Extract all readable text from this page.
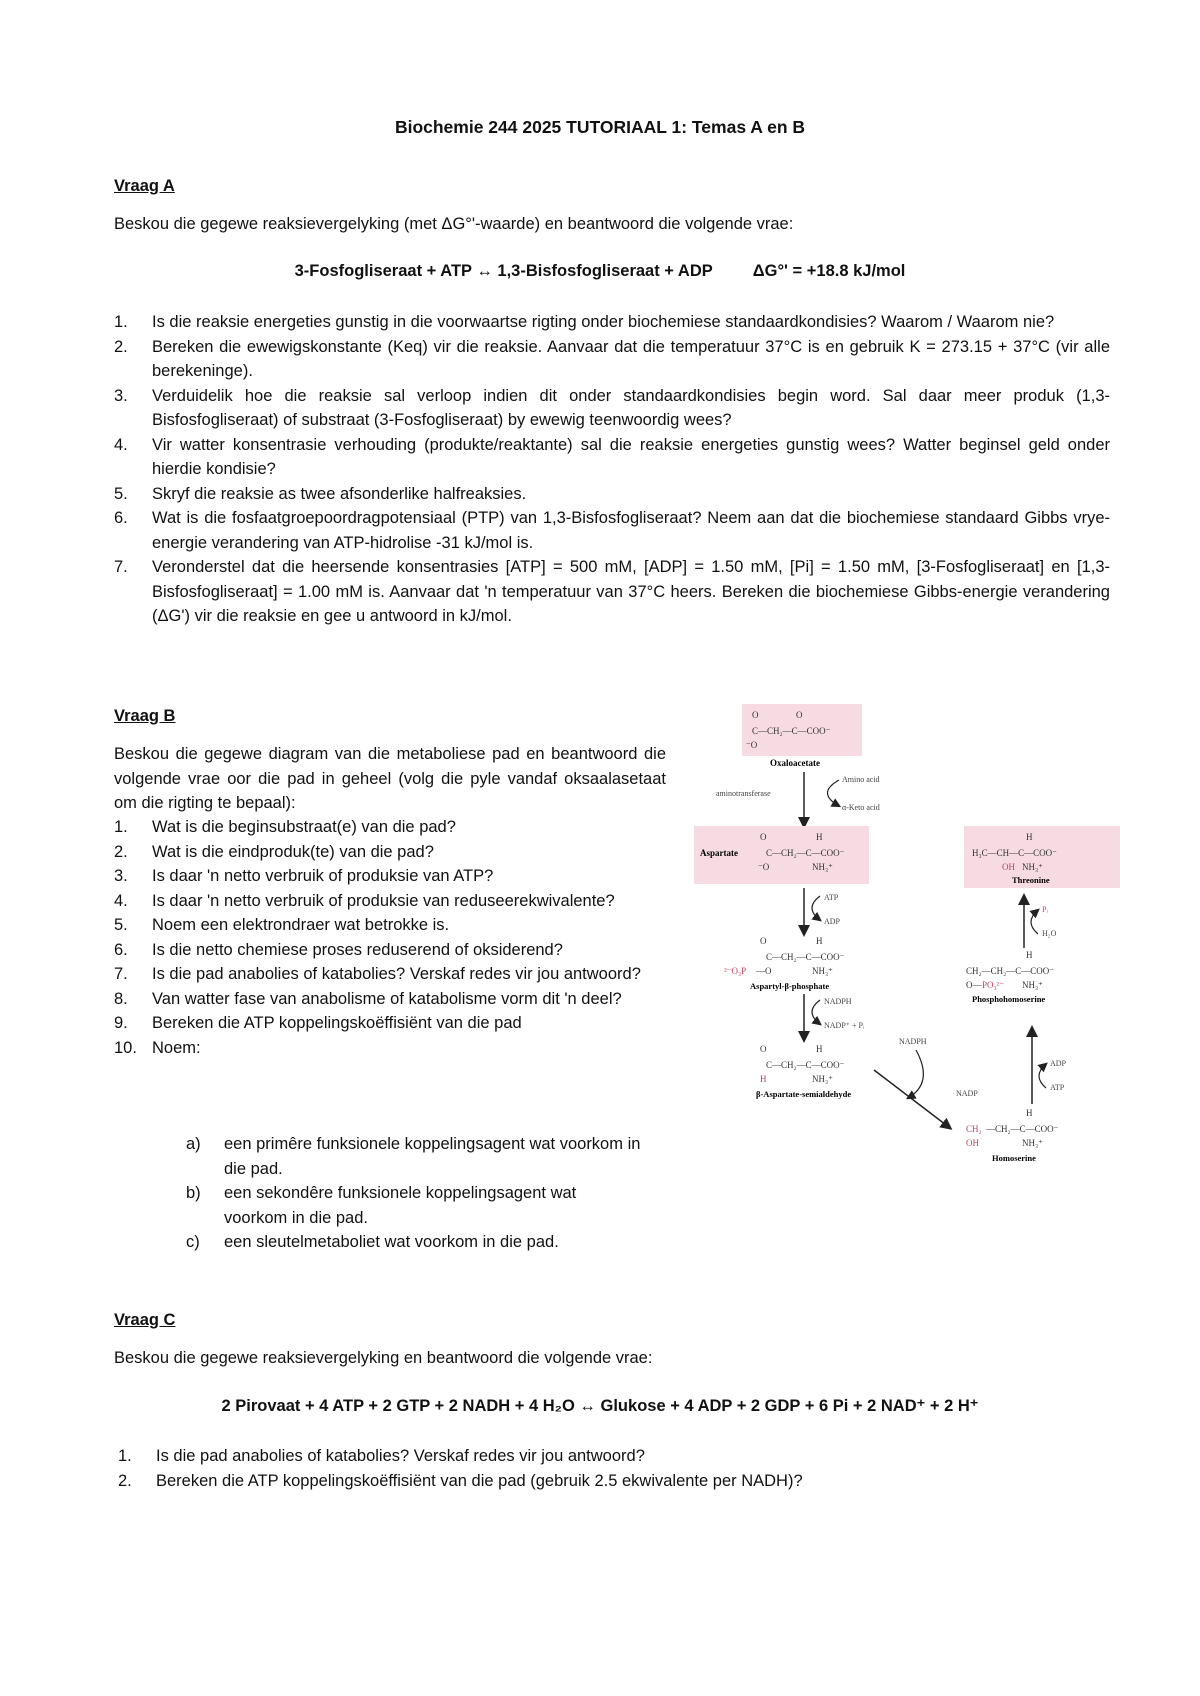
Biochemie 244 2025 TUTORIAAL 1: Temas A en B
Vraag A
Beskou die gegewe reaksievergelyking (met ΔG°'-waarde) en beantwoord die volgende vrae:
3-Fosfogliseraat + ATP ↔ 1,3-Bisfosfogliseraat + ADP ΔG°' = +18.8 kJ/mol
1. Is die reaksie energeties gunstig in die voorwaartse rigting onder biochemiese standaardkondisies? Waarom / Waarom nie?
2. Bereken die ewewigskonstante (Keq) vir die reaksie. Aanvaar dat die temperatuur 37°C is en gebruik K = 273.15 + 37°C (vir alle berekeninge).
3. Verduidelik hoe die reaksie sal verloop indien dit onder standaardkondisies begin word. Sal daar meer produk (1,3- Bisfosfogliseraat) of substraat (3-Fosfogliseraat) by ewewig teenwoordig wees?
4. Vir watter konsentrasie verhouding (produkte/reaktante) sal die reaksie energeties gunstig wees? Watter beginsel geld onder hierdie kondisie?
5. Skryf die reaksie as twee afsonderlike halfreaksies.
6. Wat is die fosfaatgroepoordragpotensiaal (PTP) van 1,3-Bisfosfogliseraat? Neem aan dat die biochemiese standaard Gibbs vrye-energie verandering van ATP-hidrolise -31 kJ/mol is.
7. Veronderstel dat die heersende konsentrasies [ATP] = 500 mM, [ADP] = 1.50 mM, [Pi] = 1.50 mM, [3-Fosfogliseraat] en [1,3-Bisfosfogliseraat] = 1.00 mM is. Aanvaar dat 'n temperatuur van 37°C heers. Bereken die biochemiese Gibbs-energie verandering (ΔG') vir die reaksie en gee u antwoord in kJ/mol.
Vraag B
Beskou die gegewe diagram van die metaboliese pad en beantwoord die volgende vrae oor die pad in geheel (volg die pyle vandaf oksaalasetaat om die rigting te bepaal):
1. Wat is die beginsubstraat(e) van die pad?
2. Wat is die eindproduk(te) van die pad?
3. Is daar 'n netto verbruik of produksie van ATP?
4. Is daar 'n netto verbruik of produksie van reduseerekwivalente?
5. Noem een elektrondraer wat betrokke is.
6. Is die netto chemiese proses reduserend of oksiderend?
7. Is die pad anabolies of katabolies? Verskaf redes vir jou antwoord?
8. Van watter fase van anabolisme of katabolisme vorm dit 'n deel?
9. Bereken die ATP koppelingskoëffisiënt van die pad
10. Noem:
a) een primêre funksionele koppelingsagent wat voorkom in die pad.
b) een sekondêre funksionele koppelingsagent wat voorkom in die pad.
c) een sleutelmetaboliet wat voorkom in die pad.
O	O
C—CH₂—C—COO⁻
⁻O
Oxaloacetate
aminotransferase
Amino acid
α-Keto acid
Aspartate
O	H
C—CH₂—C—COO⁻
⁻O	NH₃⁺
ATP
ADP
O	H
C—CH₂—C—COO⁻
²⁻O₃P —O	NH₃⁺
Aspartyl-β-phosphate
NADPH
NADP⁺ + Pᵢ
O	H
C—CH₂—C—COO⁻
H	NH₃⁺
β-Aspartate-semialdehyde
NADPH
NADP
H
CH₂ —CH₂—C—COO⁻
OH	NH₃⁺
Homoserine
ADP
ATP
H
CH₂—CH₂—C—COO⁻
O— PO₃²⁻ NH₃⁺
Phosphohomoserine
Pᵢ
H₂O
H
H₃C—CH—C—COO⁻
OH NH₃⁺
Threonine
Vraag C
Beskou die gegewe reaksievergelyking en beantwoord die volgende vrae:
2 Pirovaat + 4 ATP + 2 GTP + 2 NADH + 4 H₂O ↔ Glukose + 4 ADP + 2 GDP + 6 Pi + 2 NAD⁺ + 2 H⁺
1. Is die pad anabolies of katabolies? Verskaf redes vir jou antwoord?
2. Bereken die ATP koppelingskoëffisiënt van die pad (gebruik 2.5 ekwivalente per NADH)?
